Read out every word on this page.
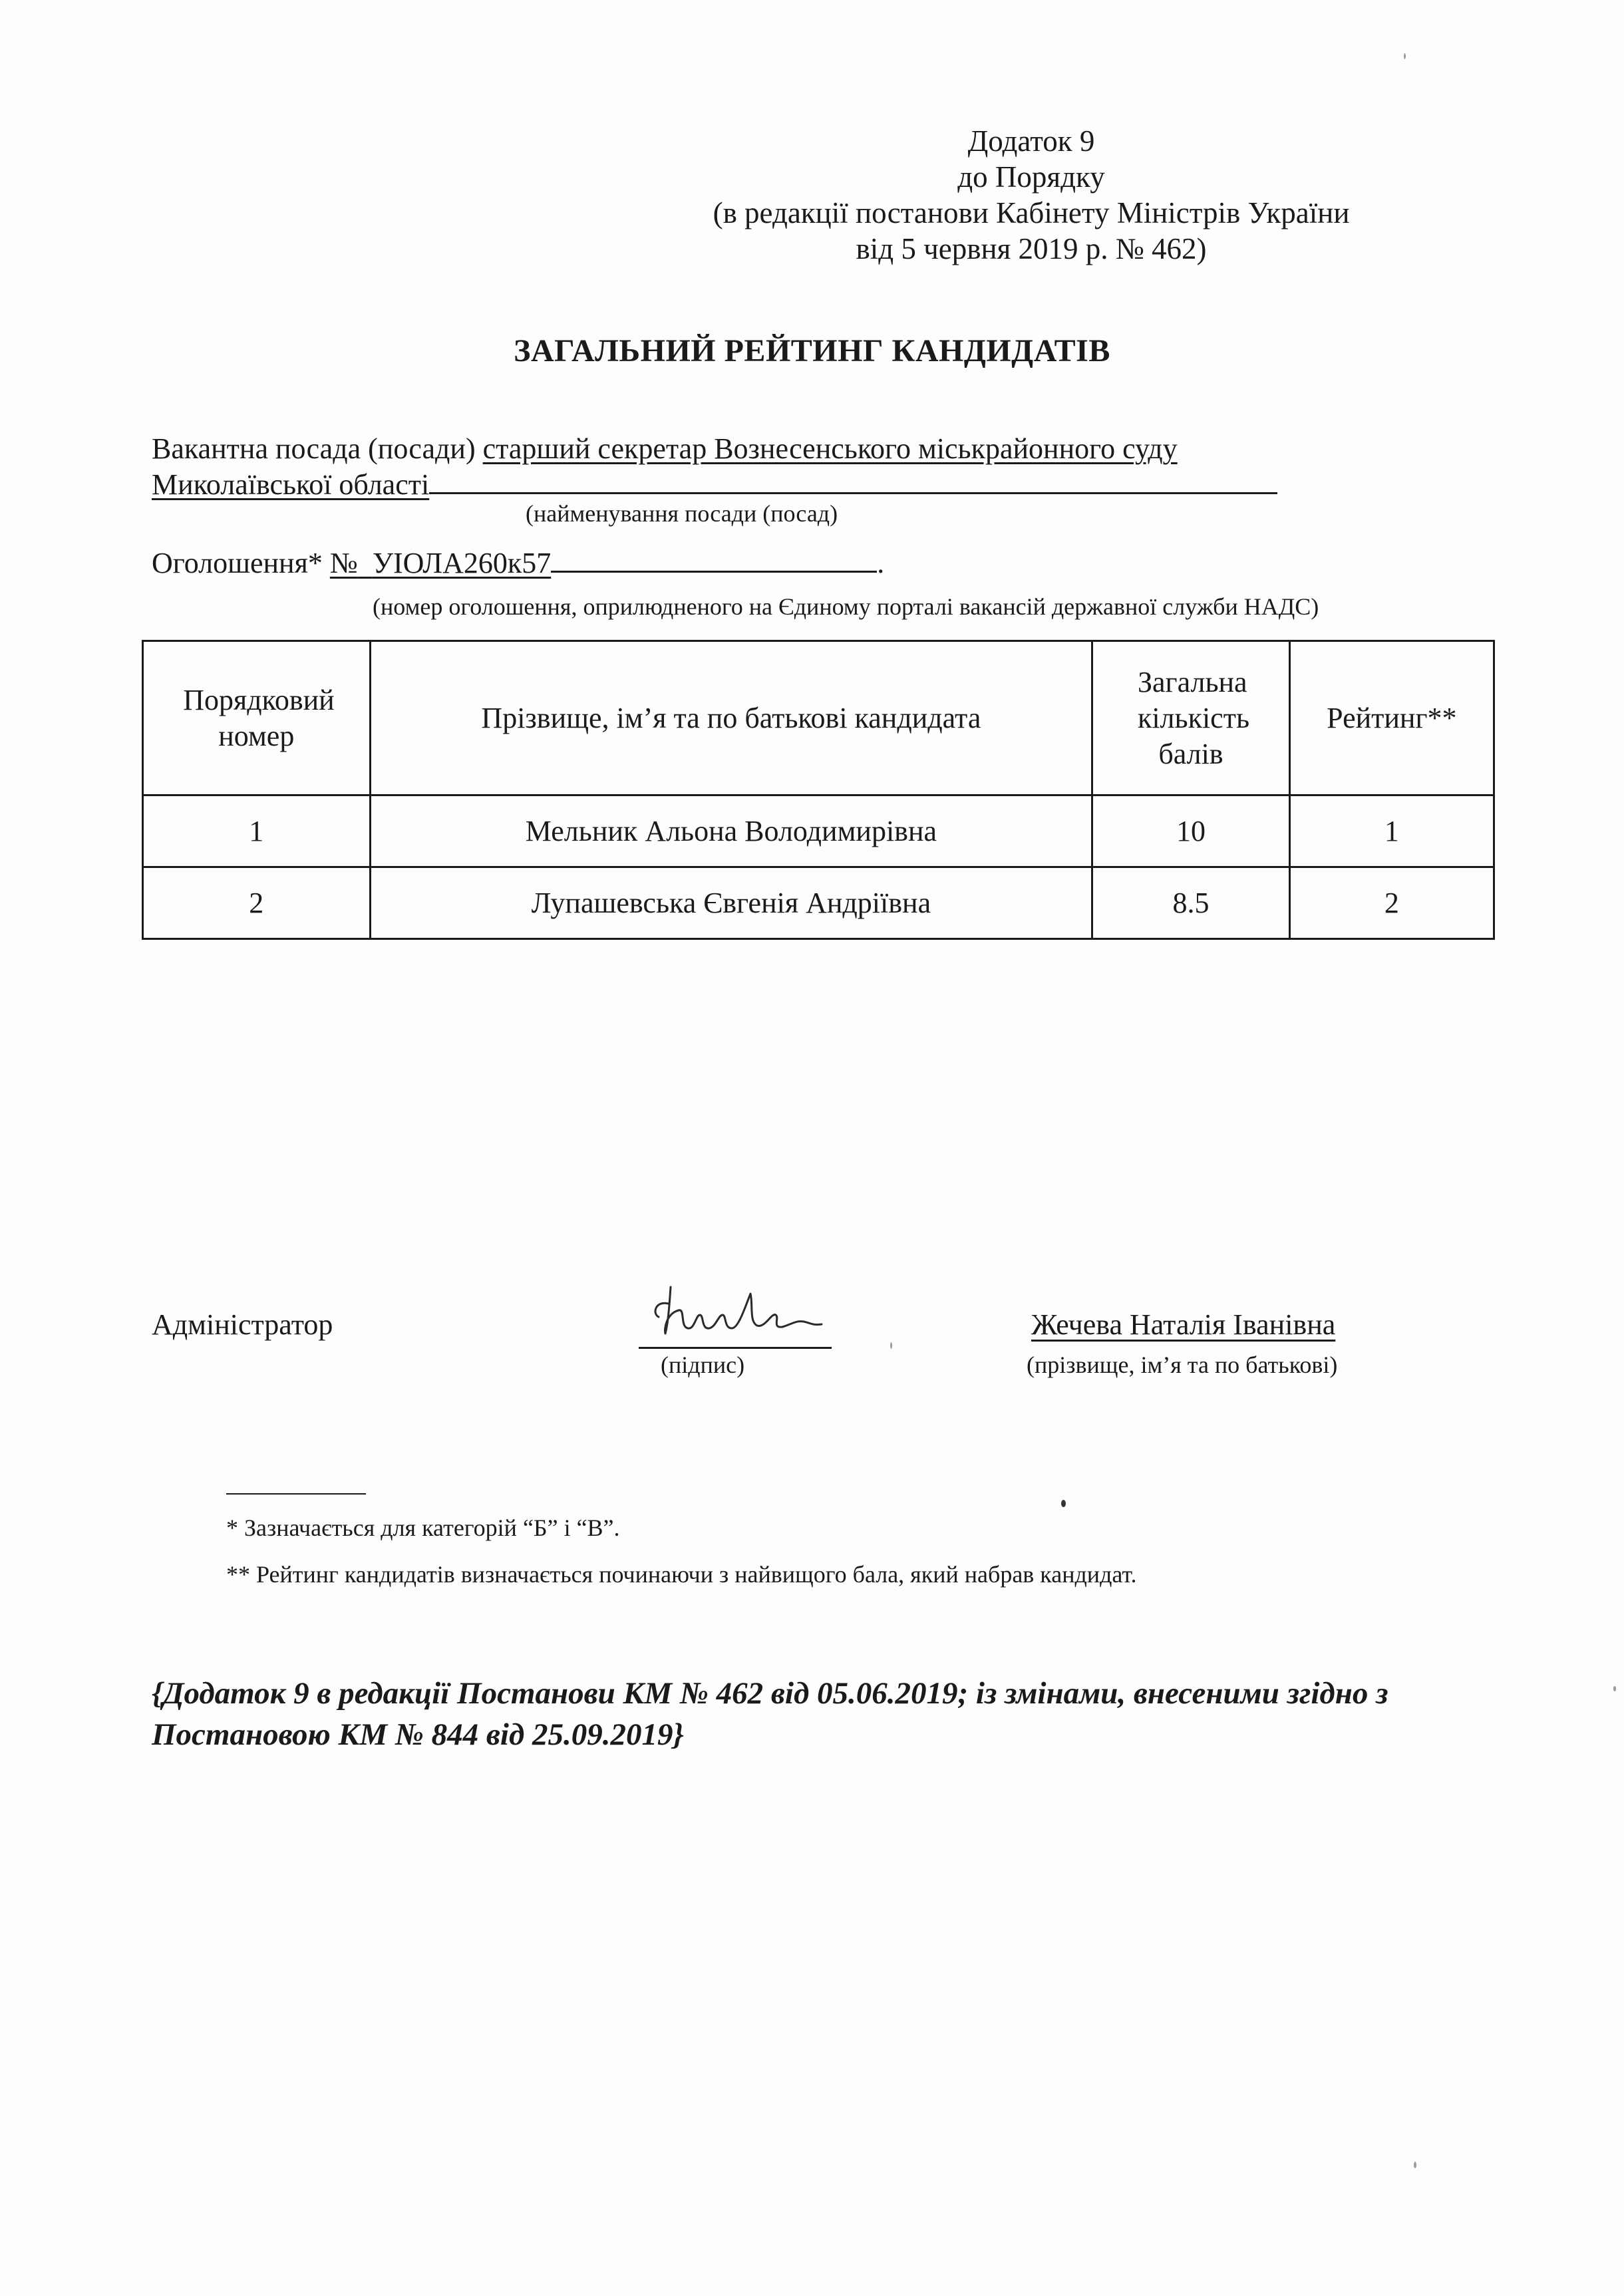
Додаток 9
до Порядку
(в редакції постанови Кабінету Міністрів України
від 5 червня 2019 р. № 462)
ЗАГАЛЬНИЙ РЕЙТИНГ КАНДИДАТІВ
Вакантна посада (посади) старший секретар Вознесенського міськрайонного суду
Миколаївської області
(найменування посади (посад)
Оголошення* № УІОЛА260к57	.
(номер оголошення, оприлюдненого на Єдиному порталі вакансій державної служби НАДС)
Порядковий номер	Прізвище, ім’я та по батькові кандидата	Загальна кількість балів	Рейтинг**
1	Мельник Альона Володимирівна	10	1
2	Лупашевська Євгенія Андріївна	8.5	2
Адміністратор
(підпис)
Жечева Наталія Іванівна
(прізвище, ім’я та по батькові)
* Зазначається для категорій “Б” і “В”.
** Рейтинг кандидатів визначається починаючи з найвищого бала, який набрав кандидат.
{Додаток 9 в редакції Постанови КМ № 462 від 05.06.2019; із змінами, внесеними згідно з Постановою КМ № 844 від 25.09.2019}
